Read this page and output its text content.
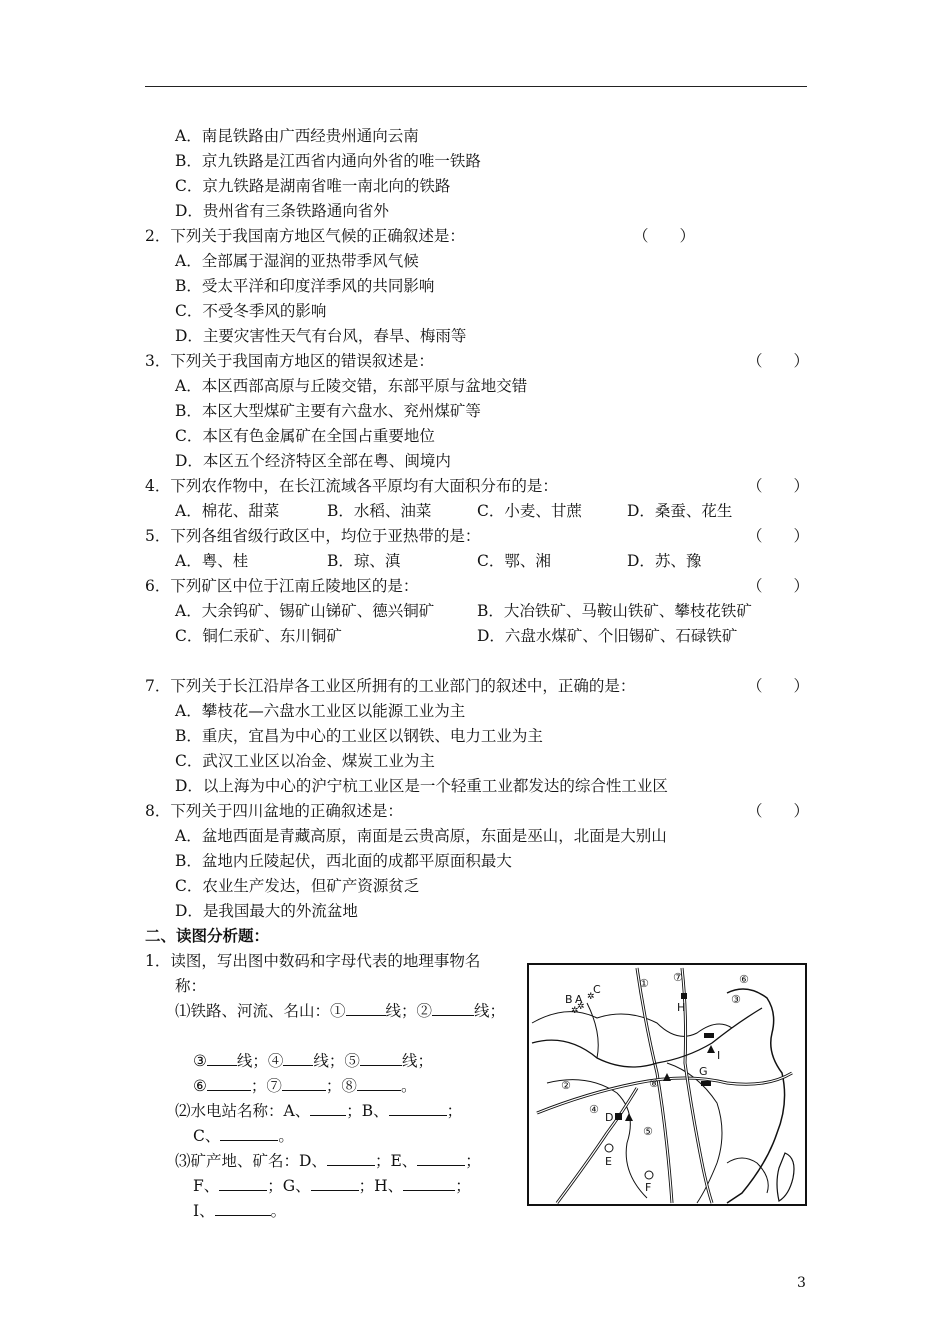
A．南昆铁路由广西经贵州通向云南
B．京九铁路是江西省内通向外省的唯一铁路
C．京九铁路是湖南省唯一南北向的铁路
D．贵州省有三条铁路通向省外
2．下列关于我国南方地区气候的正确叙述是：	（　　）
A．全部属于湿润的亚热带季风气候
B．受太平洋和印度洋季风的共同影响
C．不受冬季风的影响
D．主要灾害性天气有台风，春旱、梅雨等
3．下列关于我国南方地区的错误叙述是：	（　　）
A．本区西部高原与丘陵交错，东部平原与盆地交错
B．本区大型煤矿主要有六盘水、兖州煤矿等
C．本区有色金属矿在全国占重要地位
D．本区五个经济特区全部在粤、闽境内
4．下列农作物中，在长江流域各平原均有大面积分布的是：	（　　）
A．棉花、甜菜	B．水稻、油菜	C．小麦、甘蔗	D．桑蚕、花生
5．下列各组省级行政区中，均位于亚热带的是：	（　　）
A．粤、桂	B．琼、滇	C．鄂、湘	D．苏、豫
6．下列矿区中位于江南丘陵地区的是：	（　　）
A．大余钨矿、锡矿山锑矿、德兴铜矿	B．大冶铁矿、马鞍山铁矿、攀枝花铁矿
C．铜仁汞矿、东川铜矿	D．六盘水煤矿、个旧锡矿、石碌铁矿
7．下列关于长江沿岸各工业区所拥有的工业部门的叙述中，正确的是：	（　　）
A．攀枝花—六盘水工业区以能源工业为主
B．重庆，宜昌为中心的工业区以钢铁、电力工业为主
C．武汉工业区以冶金、煤炭工业为主
D．以上海为中心的沪宁杭工业区是一个轻重工业都发达的综合性工业区
8．下列关于四川盆地的正确叙述是：	（　　）
A．盆地西面是青藏高原，南面是云贵高原，东面是巫山，北面是大别山
B．盆地内丘陵起伏，西北面的成都平原面积最大
C．农业生产发达，但矿产资源贫乏
D．是我国最大的外流盆地
二、读图分析题：
1．读图，写出图中数码和字母代表的地理事物名
称：
⑴铁路、河流、名山：①	线；②	线；
③ 线；④ 线；⑤	线；
⑥	；⑦	；⑧	。
⑵水电站名称：A、 ；B、	；
C、	。
⑶矿产地、矿名：D、	；E、	；
F、	；G、	；H、	；
I、	。
✲
✲
✲
①
②
③
④
⑤
⑥
⑦
⑧
A
B
C
D
E
F
G
H
I
3
